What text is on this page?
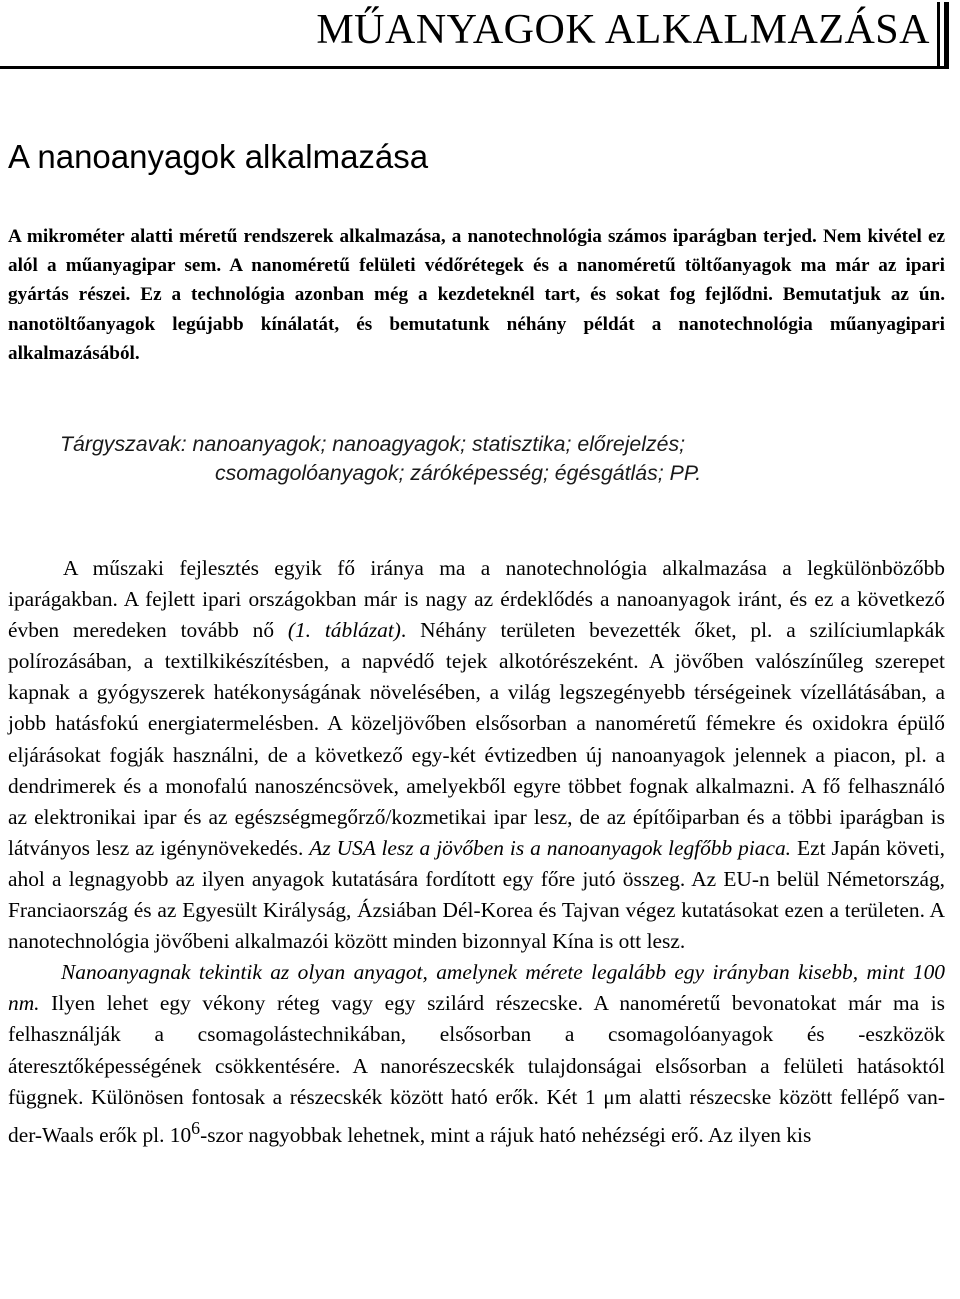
MŰANYAGOK ALKALMAZÁSA
A nanoanyagok alkalmazása

A mikrométer alatti méretű rendszerek alkalmazása, a nanotechnológia számos iparágban terjed. Nem kivétel ez alól a műanyagipar sem. A nanoméretű felületi védőrétegek és a nanoméretű töltőanyagok ma már az ipari gyártás részei. Ez a technológia azonban még a kezdeteknél tart, és sokat fog fejlődni. Bemutatjuk az ún. nanotöltőanyagok legújabb kínálatát, és bemutatunk néhány példát a nanotechnológia műanyagipari alkalmazásából.

Tárgyszavak: nanoanyagok; nanoagyagok; statisztika; előrejelzés;
csomagolóanyagok; záróképesség; égésgátlás; PP.

A műszaki fejlesztés egyik fő iránya ma a nanotechnológia alkalmazása a legkülönbözőbb iparágakban. A fejlett ipari országokban már is nagy az érdeklődés a nanoanyagok iránt, és ez a következő évben meredeken tovább nő (1. táblázat). Néhány területen bevezették őket, pl. a szilíciumlapkák polírozásában, a textilkikészítésben, a napvédő tejek alkotórészeként. A jövőben valószínűleg szerepet kapnak a gyógyszerek hatékonyságának növelésében, a világ legszegényebb térségeinek vízellátásában, a jobb hatásfokú energiatermelésben. A közeljövőben elsősorban a nanoméretű fémekre és oxidokra épülő eljárásokat fogják használni, de a következő egy-két évtizedben új nanoanyagok jelennek a piacon, pl. a dendrimerek és a monofalú nanoszéncsövek, amelyekből egyre többet fognak alkalmazni. A fő felhasználó az elektronikai ipar és az egészségmegőrző/kozmetikai ipar lesz, de az építőiparban és a többi iparágban is látványos lesz az igénynövekedés. Az USA lesz a jövőben is a nanoanyagok legfőbb piaca. Ezt Japán követi, ahol a legnagyobb az ilyen anyagok kutatására fordított egy főre jutó összeg. Az EU-n belül Németország, Franciaország és az Egyesült Királyság, Ázsiában Dél-Korea és Tajvan végez kutatásokat ezen a területen. A nanotechnológia jövőbeni alkalmazói között minden bizonnyal Kína is ott lesz.

Nanoanyagnak tekintik az olyan anyagot, amelynek mérete legalább egy irányban kisebb, mint 100 nm. Ilyen lehet egy vékony réteg vagy egy szilárd részecske. A nanoméretű bevonatokat már ma is felhasználják a csomagolástechnikában, elsősorban a csomagolóanyagok és -eszközök áteresztőképességének csökkentésére. A nanorészecskék tulajdonságai elsősorban a felületi hatásoktól függnek. Különösen fontosak a részecskék között ható erők. Két 1 μm alatti részecske között fellépő van-der-Waals erők pl. $10^6$-szor nagyobbak lehetnek, mint a rájuk ható nehézségi erő. Az ilyen kis
